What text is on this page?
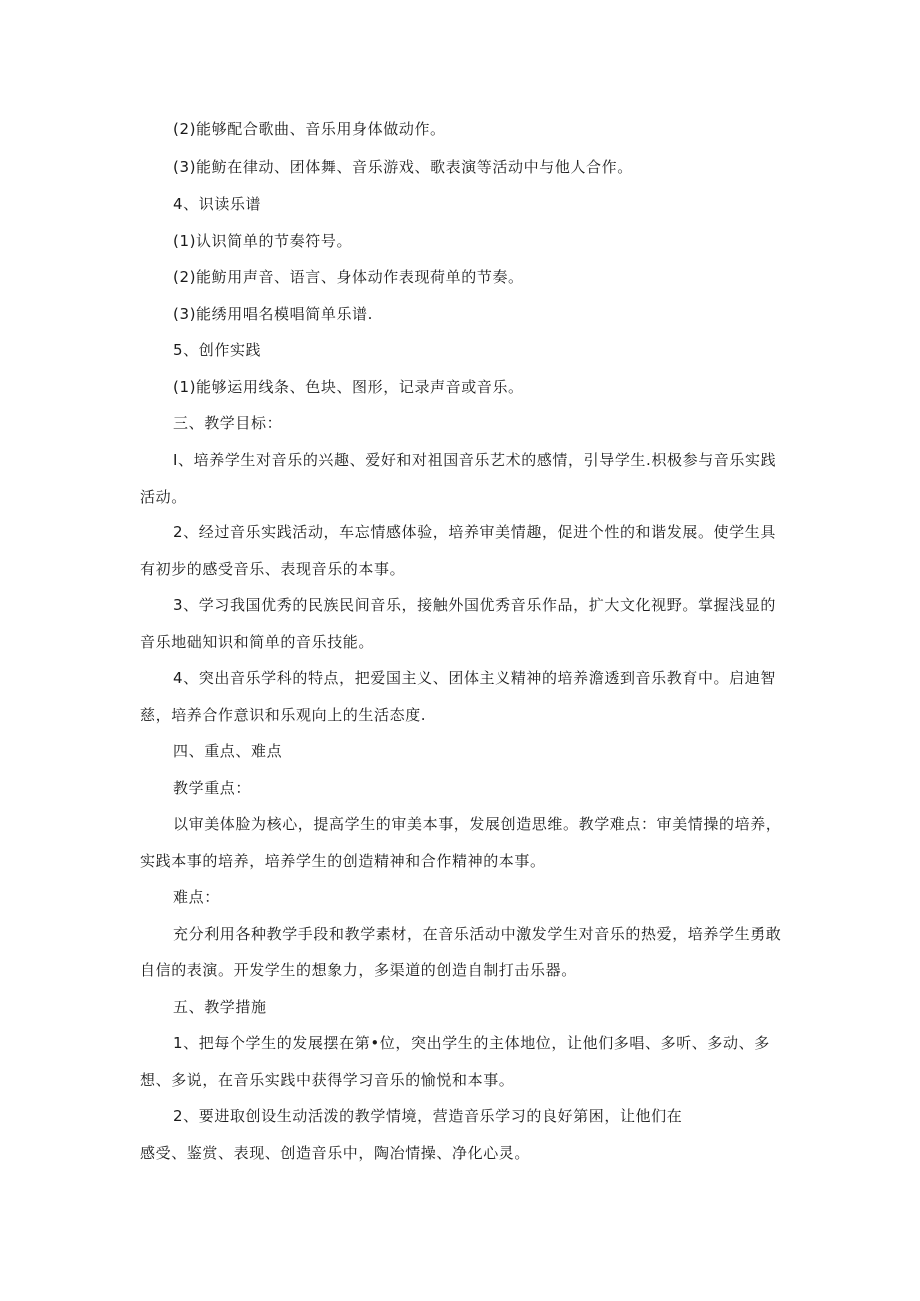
(2)能够配合歌曲、音乐用身体做动作。
(3)能鲂在律动、团体舞、音乐游戏、歌表演等活动中与他人合作。
4、识读乐谱
(1)认识简单的节奏符号。
(2)能鲂用声音、语言、身体动作表现荷单的节奏。
(3)能绣用唱名模唱简单乐谱.
5、创作实践
(1)能够运用线条、色块、图形，记录声音或音乐。
三、教学目标：
I、培养学生对音乐的兴趣、爱好和对祖国音乐艺术的感情，引导学生.枳极参与音乐实践
活动。
2、经过音乐实践活动，车忘情感体验，培养审美情趣，促进个性的和谐发展。使学生具
有初步的感受音乐、表现音乐的本事。
3、学习我国优秀的民族民间音乐，接触外国优秀音乐作品，扩大文化视野。掌握浅显的
音乐地础知识和简单的音乐技能。
4、突出音乐学科的特点，把爱国主义、团体主义精神的培养澹透到音乐教育中。启迪智
慈，培养合作意识和乐观向上的生活态度.
四、重点、难点
教学重点：
以审美体脸为核心，提高学生的审美本事，发展创造思维。教学难点：审美情操的培养，
实践本事的培养，培养学生的创造精神和合作精神的本事。
难点：
充分利用各种教学手段和教学素材，在音乐活动中激发学生对音乐的热爱，培养学生勇敢
自信的表演。开发学生的想象力，多渠道的创造自制打击乐器。
五、教学措施
1、把每个学生的发展摆在第•位，突出学生的主体地位，让他们多唱、多听、多动、多
想、多说，在音乐实践中获得学习音乐的愉悦和本事。
2、要进取创设生动活泼的教学情境，营造音乐学习的良好第困，让他们在
感受、鉴赏、表现、创造音乐中，陶冶情操、净化心灵。
